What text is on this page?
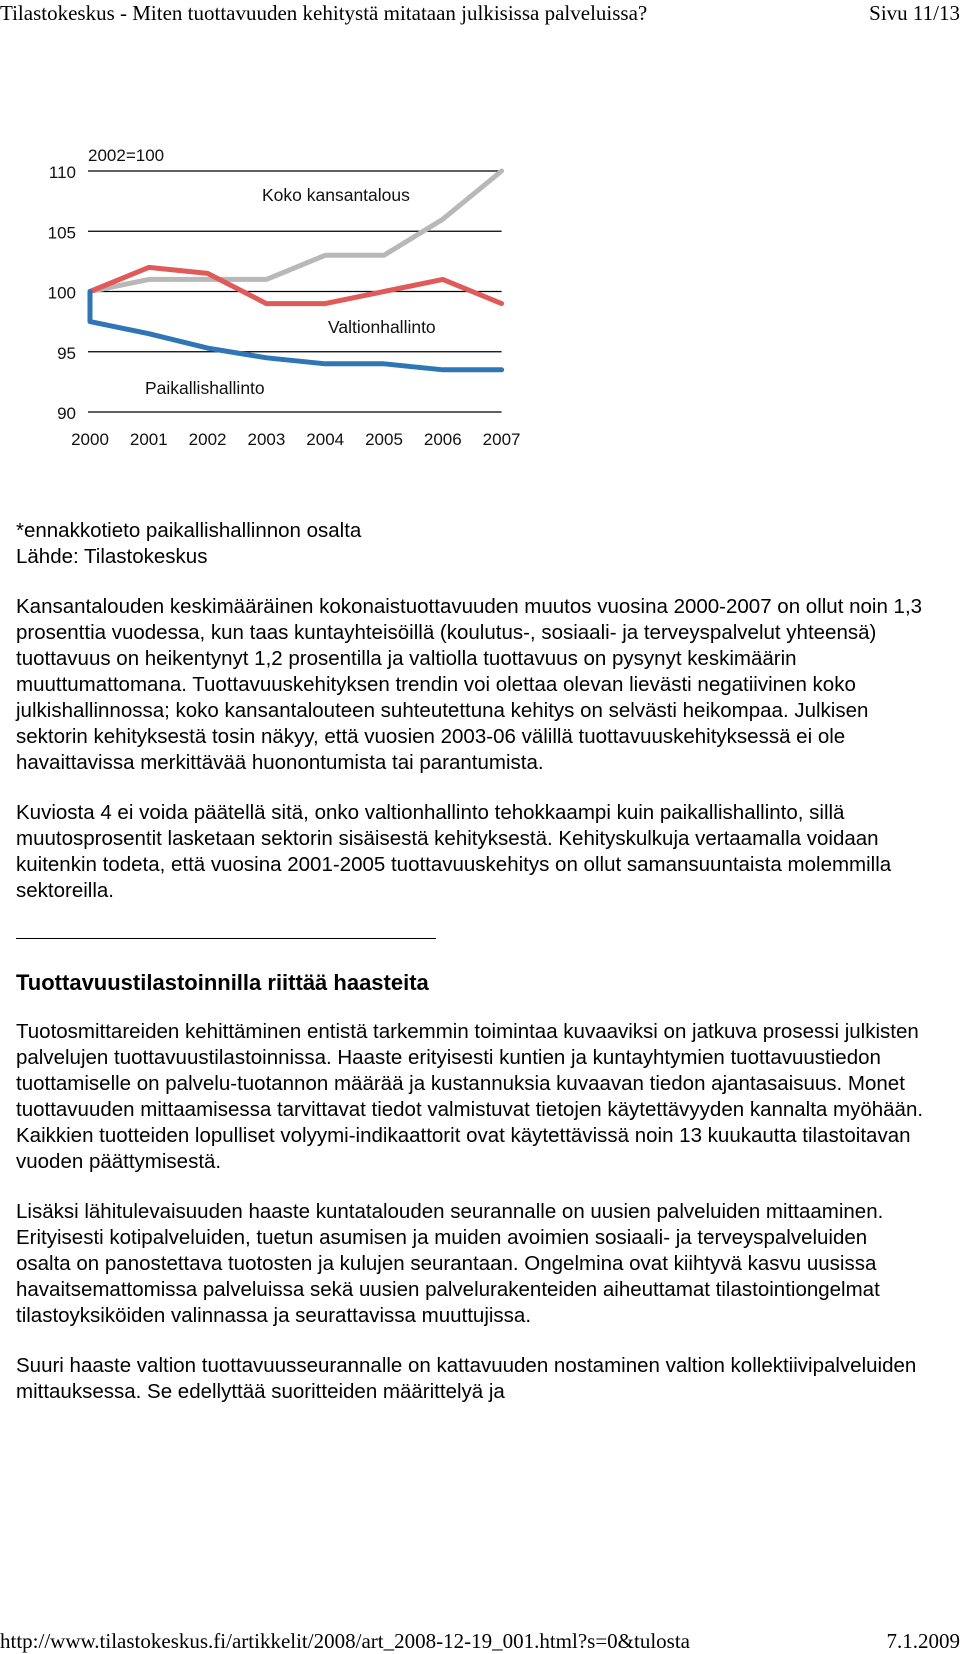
Tilastokeskus - Miten tuottavuuden kehitystä mitataan julkisissa palveluissa?	Sivu 11/13
90
95
100
105
110
2000 2001 2002 2003 2004 2005 2006 2007
2002=100
Koko kansantalous
Valtionhallinto
Paikallishallinto

*ennakkotieto paikallishallinnon osalta

Lähde: Tilastokeskus

Kansantalouden keskimääräinen kokonaistuottavuuden muutos vuosina 2000-2007 on ollut noin 1,3 prosenttia vuodessa, kun taas kuntayhteisöillä (koulutus-, sosiaali- ja terveyspalvelut yhteensä) tuottavuus on heikentynyt 1,2 prosentilla ja valtiolla tuottavuus on pysynyt keskimäärin muuttumattomana. Tuottavuuskehityksen trendin voi olettaa olevan lievästi negatiivinen koko julkishallinnossa; koko kansantalouteen suhteutettuna kehitys on selvästi heikompaa. Julkisen sektorin kehityksestä tosin näkyy, että vuosien 2003-06 välillä tuottavuuskehityksessä ei ole havaittavissa merkittävää huonontumista tai parantumista.

Kuviosta 4 ei voida päätellä sitä, onko valtionhallinto tehokkaampi kuin paikallishallinto, sillä muutosprosentit lasketaan sektorin sisäisestä kehityksestä. Kehityskulkuja vertaamalla voidaan kuitenkin todeta, että vuosina 2001-2005 tuottavuuskehitys on ollut samansuuntaista molemmilla sektoreilla.

Tuottavuustilastoinnilla riittää haasteita

Tuotosmittareiden kehittäminen entistä tarkemmin toimintaa kuvaaviksi on jatkuva prosessi julkisten palvelujen tuottavuustilastoinnissa. Haaste erityisesti kuntien ja kuntayhtymien tuottavuustiedon tuottamiselle on palvelu-tuotannon määrää ja kustannuksia kuvaavan tiedon ajantasaisuus. Monet tuottavuuden mittaamisessa tarvittavat tiedot valmistuvat tietojen käytettävyyden kannalta myöhään. Kaikkien tuotteiden lopulliset volyymi-indikaattorit ovat käytettävissä noin 13 kuukautta tilastoitavan vuoden päättymisestä.

Lisäksi lähitulevaisuuden haaste kuntatalouden seurannalle on uusien palveluiden mittaaminen. Erityisesti kotipalveluiden, tuetun asumisen ja muiden avoimien sosiaali- ja terveyspalveluiden osalta on panostettava tuotosten ja kulujen seurantaan. Ongelmina ovat kiihtyvä kasvu uusissa havaitsemattomissa palveluissa sekä uusien palvelurakenteiden aiheuttamat tilastointiongelmat tilastoyksiköiden valinnassa ja seurattavissa muuttujissa.

Suuri haaste valtion tuottavuusseurannalle on kattavuuden nostaminen valtion kollektiivipalveluiden mittauksessa. Se edellyttää suoritteiden määrittelyä ja

http://www.tilastokeskus.fi/artikkelit/2008/art_2008-12-19_001.html?s=0&tulosta	7.1.2009
